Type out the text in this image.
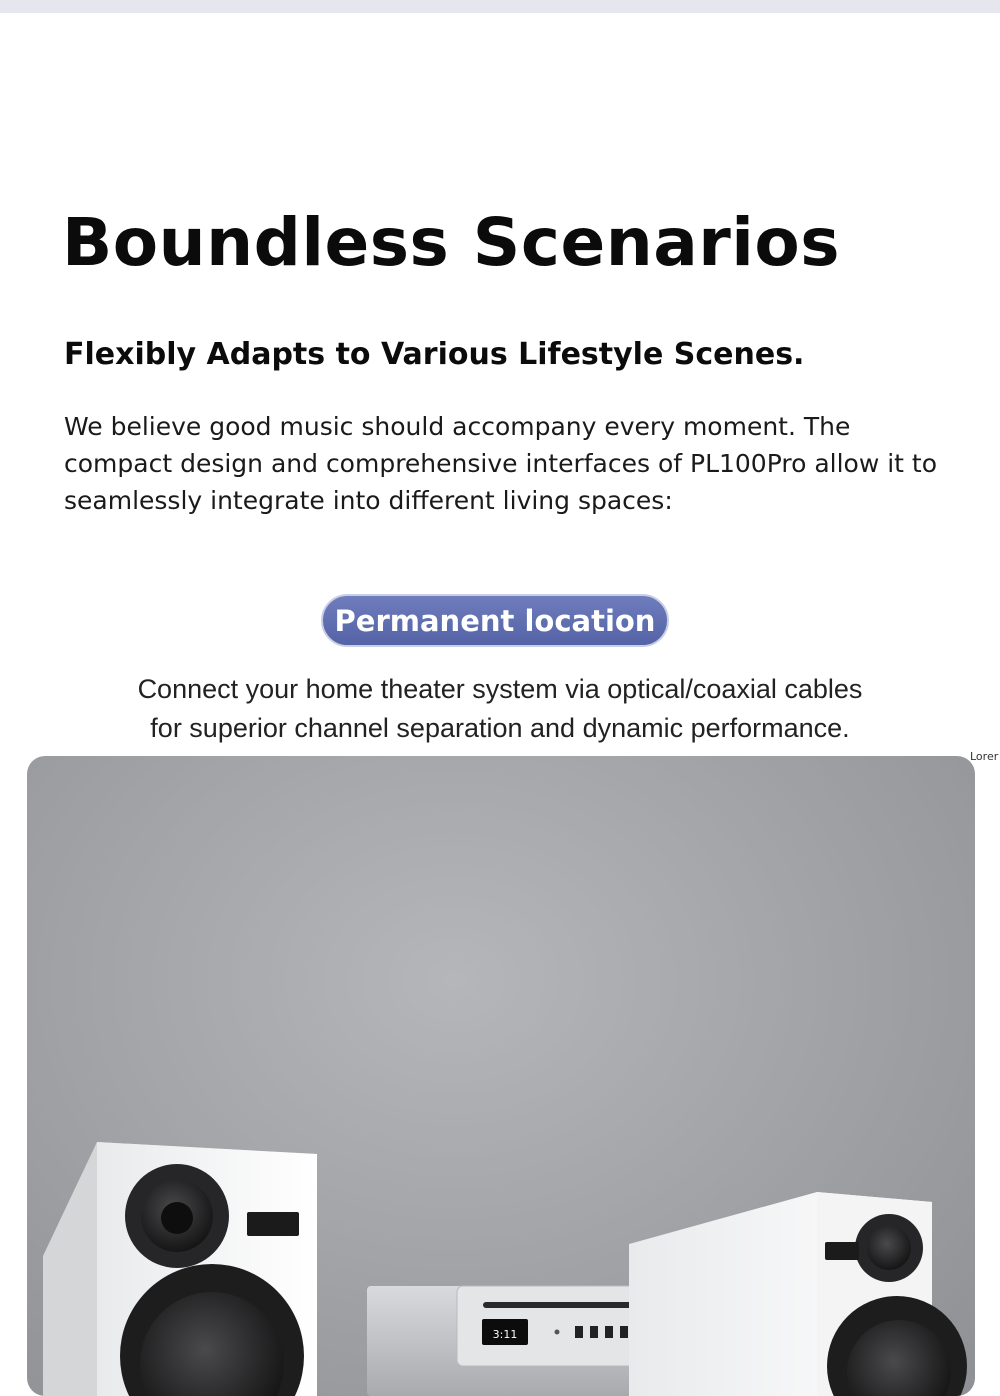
Boundless Scenarios
Flexibly Adapts to Various Lifestyle Scenes.

We believe good music should accompany every moment. The compact design and comprehensive interfaces of PL100Pro allow it to seamlessly integrate into different living spaces:

Permanent location

Connect your home theater system via optical/coaxial cables
for superior channel separation and dynamic performance.

Lorer
3:11
